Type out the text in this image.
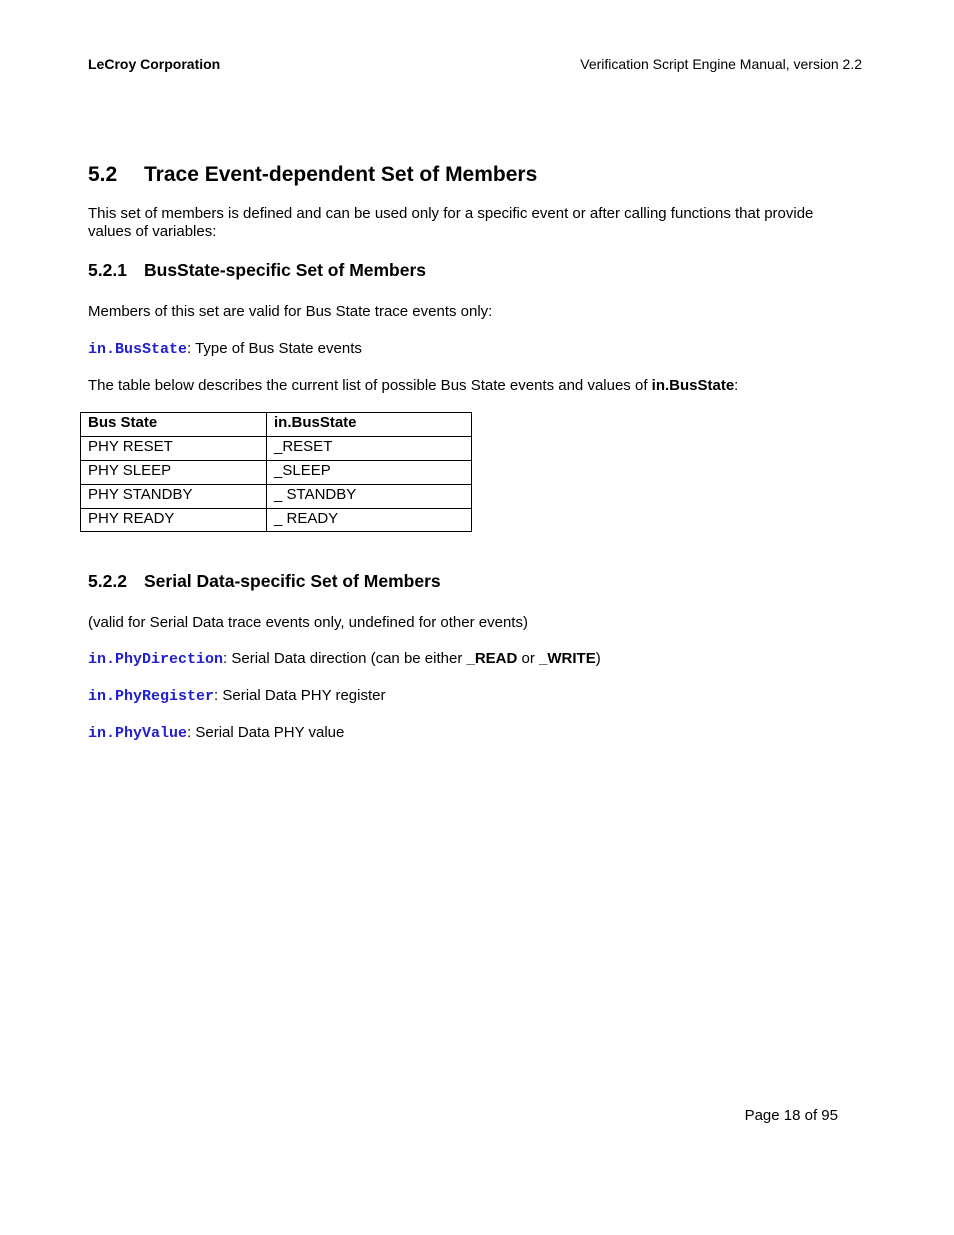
LeCroy Corporation	Verification Script Engine Manual, version 2.2
5.2 Trace Event-dependent Set of Members
This set of members is defined and can be used only for a specific event or after calling functions that provide values of variables:
5.2.1 BusState-specific Set of Members
Members of this set are valid for Bus State trace events only:
in.BusState: Type of Bus State events
The table below describes the current list of possible Bus State events and values of in.BusState:
Bus State	in.BusState
PHY RESET	_RESET
PHY SLEEP	_SLEEP
PHY STANDBY	_ STANDBY
PHY READY	_ READY
5.2.2 Serial Data-specific Set of Members
(valid for Serial Data trace events only, undefined for other events)
in.PhyDirection: Serial Data direction (can be either _READ or _WRITE)
in.PhyRegister: Serial Data PHY register
in.PhyValue: Serial Data PHY value
Page 18 of 95
